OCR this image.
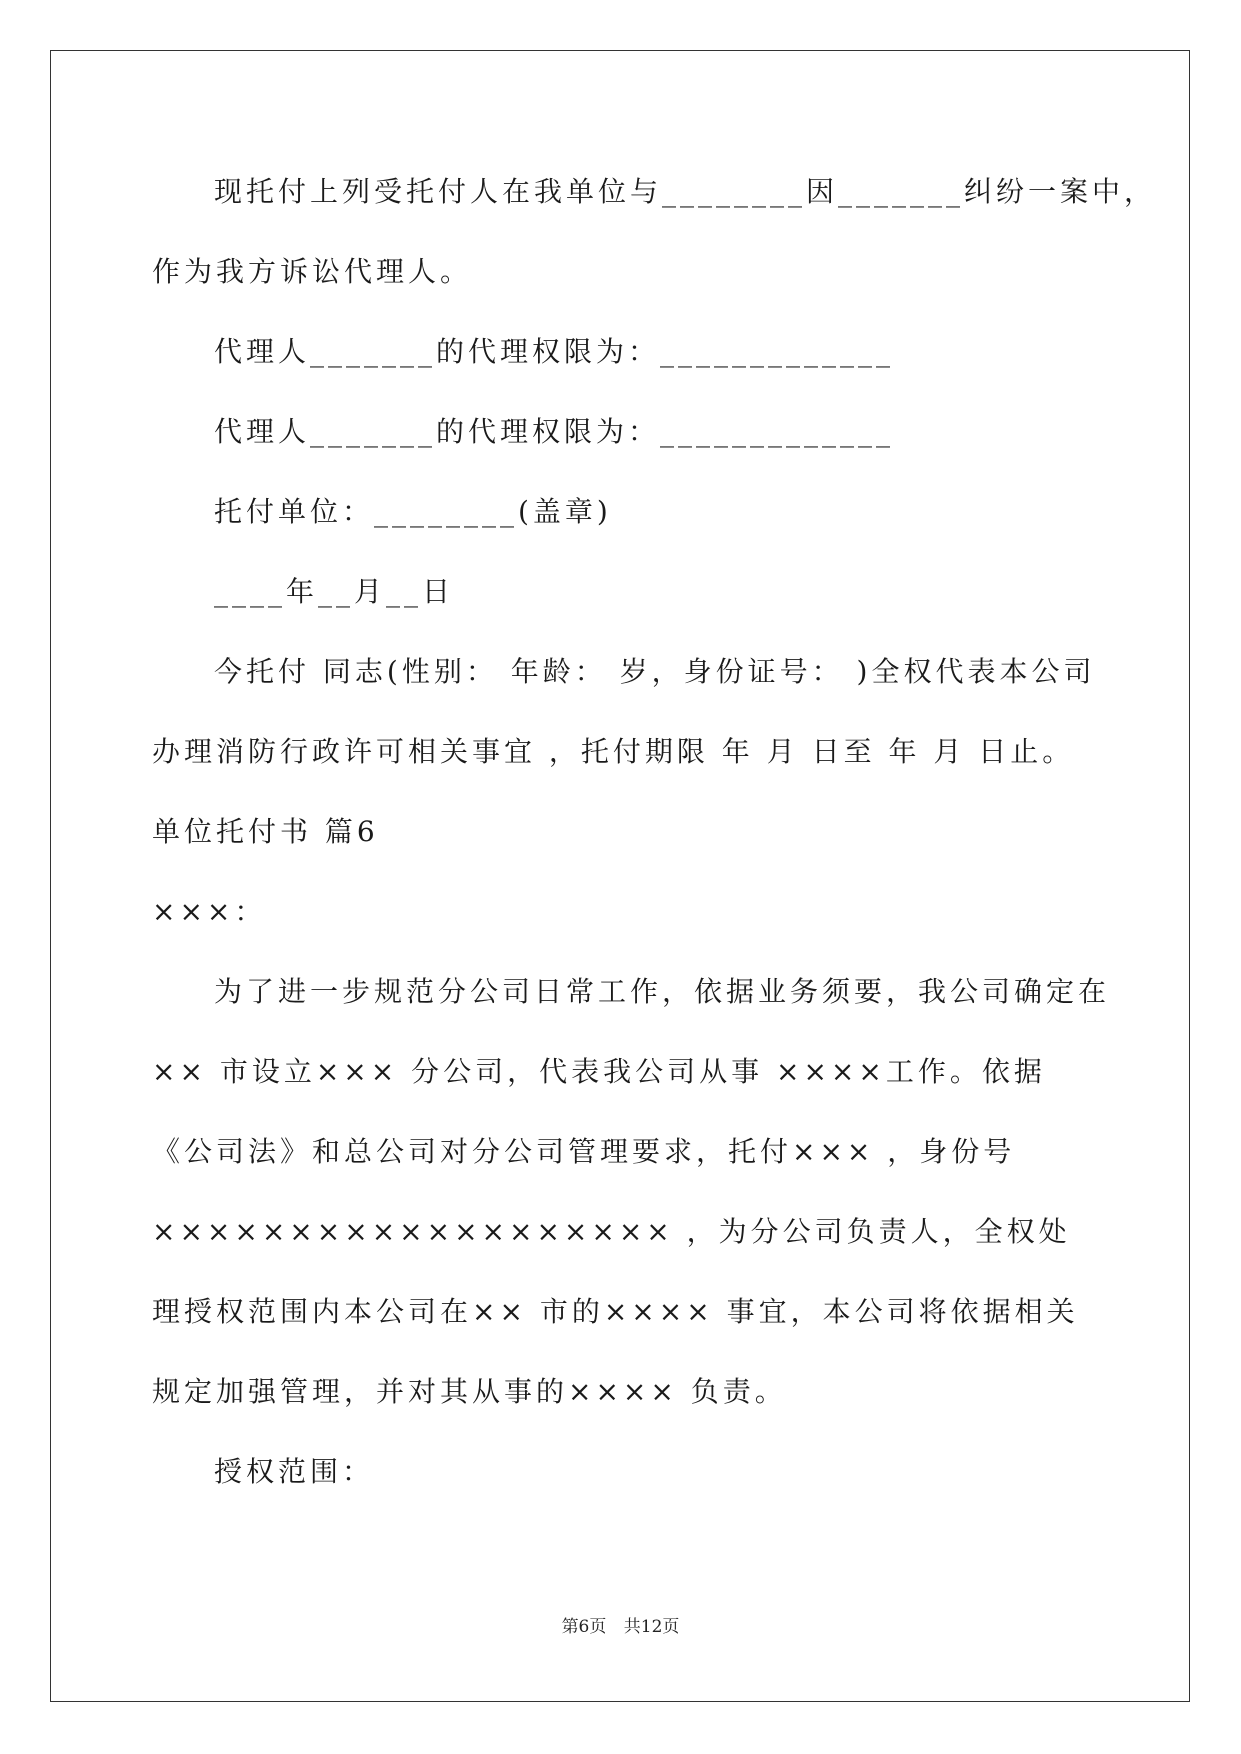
现托付上列受托付人在我单位与________因_______纠纷一案中，
作为我方诉讼代理人。
代理人_______的代理权限为：_____________
代理人_______的代理权限为：_____________
托付单位：________(盖章)
____年__月__日
今托付 同志(性别： 年龄： 岁，身份证号： )全权代表本公司
办理消防行政许可相关事宜 ，托付期限 年 月 日至 年 月 日止。
单位托付书 篇6
×××：
为了进一步规范分公司日常工作，依据业务须要，我公司确定在
×× 市设立××× 分公司，代表我公司从事 ××××工作。依据
《公司法》和总公司对分公司管理要求，托付××× ，身份号
××××××××××××××××××× ，为分公司负责人，全权处
理授权范围内本公司在×× 市的×××× 事宜，本公司将依据相关
规定加强管理，并对其从事的×××× 负责。
授权范围：
第6页 共12页
